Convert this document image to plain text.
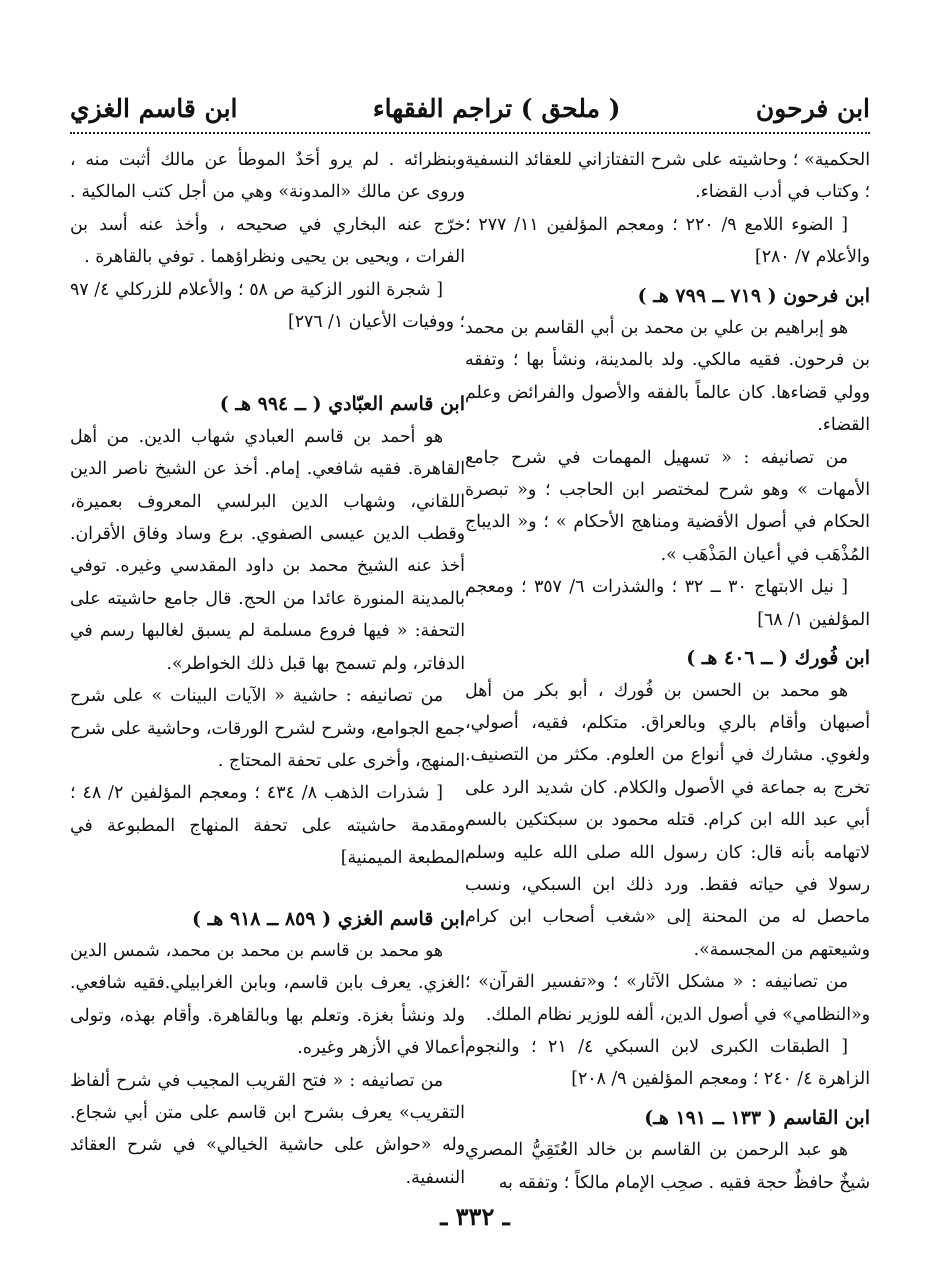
ابن فرحون
( ملحق ) تراجم الفقهاء
ابن قاسم الغزي

الحكمية» ؛ وحاشيته على شرح التفتازاني للعقائد النسفية ؛ وكتاب في أدب القضاء.

[ الضوء اللامع ٩/ ٢٢٠ ؛ ومعجم المؤلفين ١١/ ٢٧٧ ؛ والأعلام ٧/ ٢٨٠]

ابن فرحون ( ٧١٩ ــ ٧٩٩ هـ )

هو إبراهيم بن علي بن محمد بن أبي القاسم بن محمد بن فرحون. فقيه مالكي. ولد بالمدينة، ونشأ بها ؛ وتفقه وولي قضاءها. كان عالماً بالفقه والأصول والفرائض وعلم القضاء.

من تصانيفه : « تسهيل المهمات في شرح جامع الأمهات » وهو شرح لمختصر ابن الحاجب ؛ و« تبصرة الحكام في أصول الأقضية ومناهج الأحكام » ؛ و« الديباج المُذْهَب في أعيان المَذْهَب ».

[ نيل الابتهاج ٣٠ ــ ٣٢ ؛ والشذرات ٦/ ٣٥٧ ؛ ومعجم المؤلفين ١/ ٦٨]

ابن فُورك ( ــ ٤٠٦ هـ )

هو محمد بن الحسن بن فُورك ، أبو بكر من أهل أصبهان وأقام بالري وبالعراق. متكلم، فقيه، أصولي، ولغوي. مشارك في أنواع من العلوم. مكثر من التصنيف. تخرج به جماعة في الأصول والكلام. كان شديد الرد على أبي عبد الله ابن كرام. قتله محمود بن سبكتكين بالسم لاتهامه بأنه قال: كان رسول الله صلى الله عليه وسلم رسولا في حياته فقط. ورد ذلك ابن السبكي، ونسب ماحصل له من المحنة إلى «شغب أصحاب ابن كرام وشيعتهم من المجسمة».

من تصانيفه : « مشكل الآثار» ؛ و«تفسير القرآن» ؛ و«النظامي» في أصول الدين، ألفه للوزير نظام الملك.

[ الطبقات الكبرى لابن السبكي ٤/ ٢١ ؛ والنجوم الزاهرة ٤/ ٢٤٠ ؛ ومعجم المؤلفين ٩/ ٢٠٨]

ابن القاسم ( ١٣٣ ــ ١٩١ هـ)

هو عبد الرحمن بن القاسم بن خالد العُتَقِيُّ المصري شيخٌ حافظٌ حجة فقيه . صحِب الإمام مالكاً ؛ وتفقه به

وبنظرائه . لم يرو أحَدٌ الموطأ عن مالك أثبت منه ، وروى عن مالك «المدونة» وهي من أجل كتب المالكية . خرّج عنه البخاري في صحيحه ، وأخذ عنه أسد بن الفرات ، ويحيى بن يحيى ونظراؤهما . توفي بالقاهرة .

[ شجرة النور الزكية ص ٥٨ ؛ والأعلام للزركلي ٤/ ٩٧ ؛ ووفيات الأعيان ١/ ٢٧٦]

ابن قاسم العبّادي ( ــ ٩٩٤ هـ )

هو أحمد بن قاسم العبادي شهاب الدين. من أهل القاهرة. فقيه شافعي. إمام. أخذ عن الشيخ ناصر الدين اللقاني، وشهاب الدين البرلسي المعروف بعميرة، وقطب الدين عيسى الصفوي. برع وساد وفاق الأقران. أخذ عنه الشيخ محمد بن داود المقدسي وغيره. توفي بالمدينة المنورة عائدا من الحج. قال جامع حاشيته على التحفة: « فيها فروع مسلمة لم يسبق لغالبها رسم في الدفاتر، ولم تسمح بها قبل ذلك الخواطر».

من تصانيفه : حاشية « الآيات البينات » على شرح جمع الجوامع، وشرح لشرح الورقات، وحاشية على شرح المنهج، وأخرى على تحفة المحتاج .

[ شذرات الذهب ٨/ ٤٣٤ ؛ ومعجم المؤلفين ٢/ ٤٨ ؛ ومقدمة حاشيته على تحفة المنهاج المطبوعة في المطبعة الميمنية]

ابن قاسم الغزي ( ٨٥٩ ــ ٩١٨ هـ )

هو محمد بن قاسم بن محمد بن محمد، شمس الدين الغزي. يعرف بابن قاسم، وبابن الغرابيلي.فقيه شافعي. ولد ونشأ بغزة. وتعلم بها وبالقاهرة. وأقام بهذه، وتولى أعمالا في الأزهر وغيره.

من تصانيفه : « فتح القريب المجيب في شرح ألفاظ التقريب» يعرف بشرح ابن قاسم على متن أبي شجاع. وله «حواش على حاشية الخيالي» في شرح العقائد النسفية.

ـ ٣٣٢ ـ
